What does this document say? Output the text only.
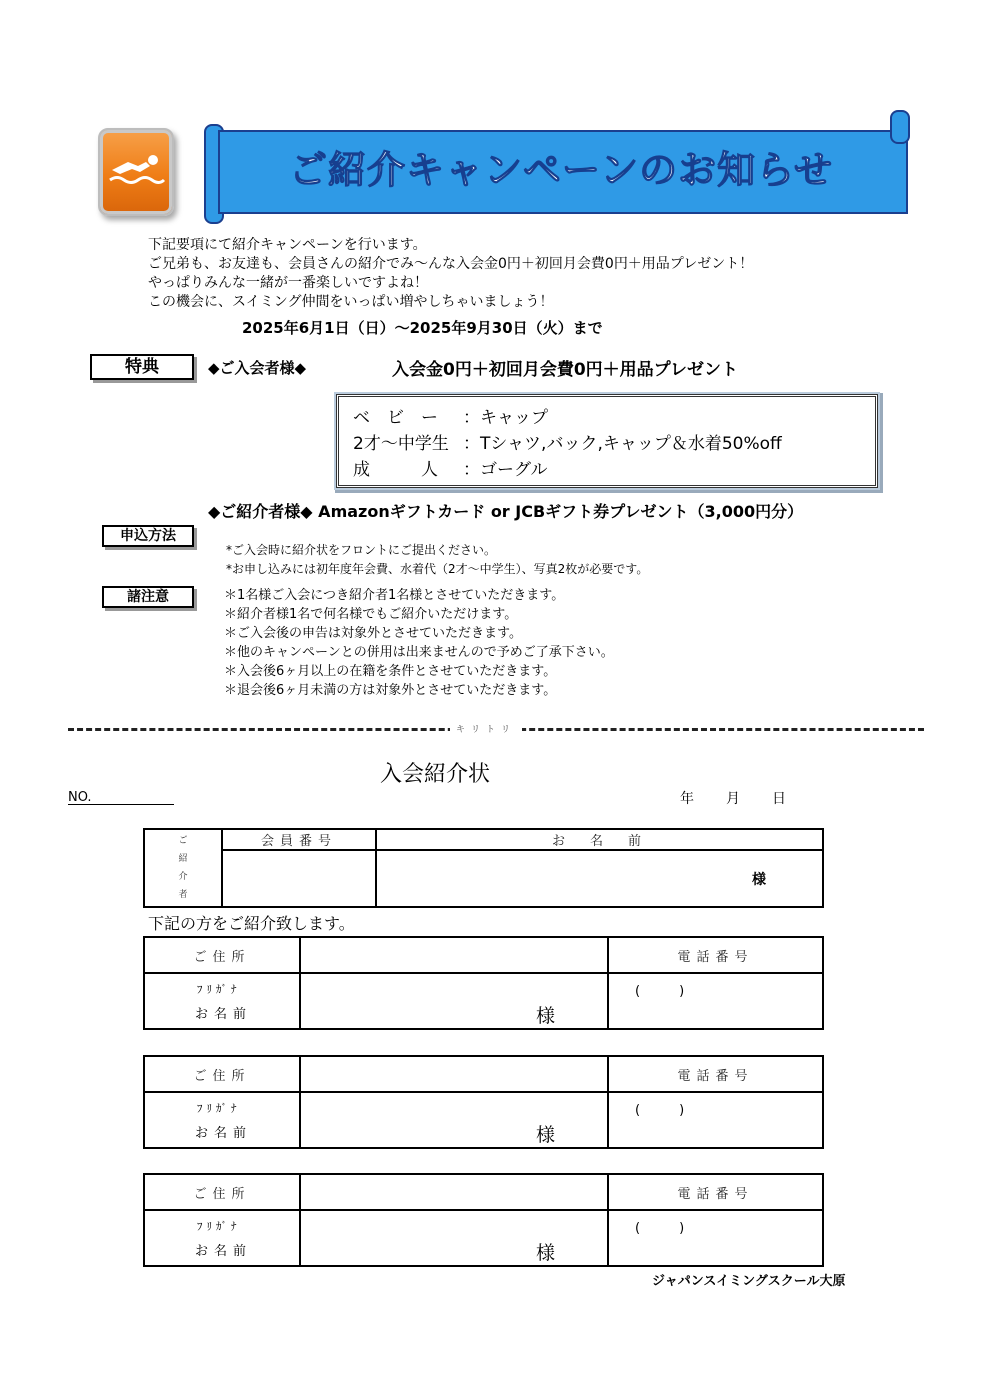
ご紹介キャンペーンのお知らせ
下記要項にて紹介キャンペーンを行います。
ご兄弟も、お友達も、会員さんの紹介でみ〜んな入会金0円＋初回月会費0円＋用品プレゼント！
やっぱりみんな一緒が一番楽しいですよね！
この機会に、スイミング仲間をいっぱい増やしちゃいましょう！
2025年6月1日（日）〜2025年9月30日（火）まで
特典	◆ご入会者様◆	入会金0円＋初回月会費0円＋用品プレゼント
ベ　ビ　ー ：キャップ
2才〜中学生 ：Tシャツ,バック,キャップ＆水着50%off
成　　　人 ：ゴーグル
◆ご紹介者様◆ Amazonギフトカード or JCBギフト券プレゼント（3,000円分）
申込方法
*ご入会時に紹介状をフロントにご提出ください。
*お申し込みには初年度年会費、水着代（2才〜中学生）、写真2枚が必要です。
諸注意	＊1名様ご入会につき紹介者1名様とさせていただきます。
＊紹介者様1名で何名様でもご紹介いただけます。
＊ご入会後の申告は対象外とさせていただきます。
＊他のキャンペーンとの併用は出来ませんので予めご了承下さい。
＊入会後6ヶ月以上の在籍を条件とさせていただきます。
＊退会後6ヶ月未満の方は対象外とさせていただきます。
キリトリ
入会紹介状
NO.	年 月 日
ご
紹
介
者	会員番号	お　名　前
		様
下記の方をご紹介致します。
ご住所		電話番号

ﾌﾘｶﾞﾅ
お名前	様	(　　　)
ご住所		電話番号

ﾌﾘｶﾞﾅ
お名前	様	(　　　)
ご住所		電話番号

ﾌﾘｶﾞﾅ
お名前	様	(　　　)
ジャパンスイミングスクール大原
